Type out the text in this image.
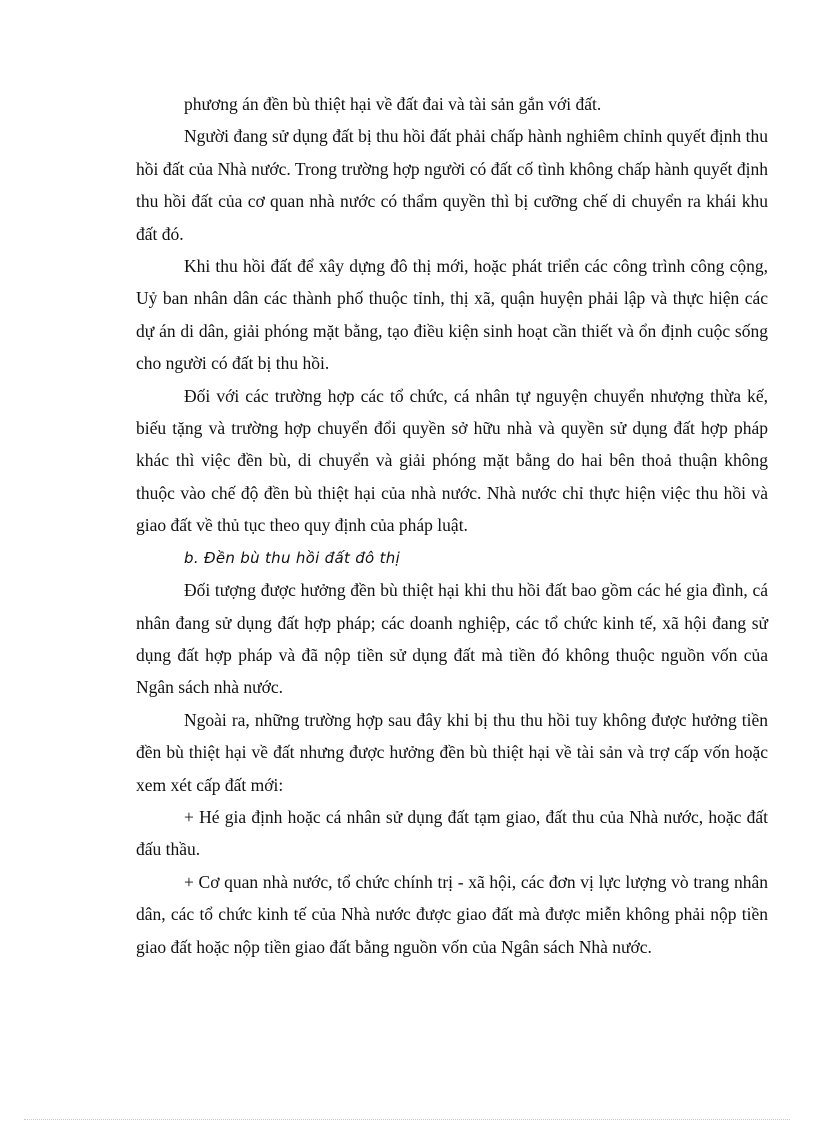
phương án đền bù thiệt hại về đất đai và tài sản gắn với đất.

Người đang sử dụng đất bị thu hồi đất phải chấp hành nghiêm chỉnh quyết định thu hồi đất của Nhà nước. Trong trường hợp người có đất cố tình không chấp hành quyết định thu hồi đất của cơ quan nhà nước có thẩm quyền thì bị cưỡng chế di chuyển ra khái khu đất đó.

Khi thu hồi đất để xây dựng đô thị mới, hoặc phát triển các công trình công cộng, Uỷ ban nhân dân các thành phố thuộc tỉnh, thị xã, quận huyện phải lập và thực hiện các dự án di dân, giải phóng mặt bằng, tạo điều kiện sinh hoạt cần thiết và ổn định cuộc sống cho người có đất bị thu hồi.

Đối với các trường hợp các tổ chức, cá nhân tự nguyện chuyển nhượng thừa kế, biếu tặng và trường hợp chuyển đổi quyền sở hữu nhà và quyền sử dụng đất hợp pháp khác thì việc đền bù, di chuyển và giải phóng mặt bằng do hai bên thoả thuận không thuộc vào chế độ đền bù thiệt hại của nhà nước. Nhà nước chỉ thực hiện việc thu hồi và giao đất về thủ tục theo quy định của pháp luật.

b. Đền bù thu hồi đất đô thị

Đối tượng được hưởng đền bù thiệt hại khi thu hồi đất bao gồm các hé gia đình, cá nhân đang sử dụng đất hợp pháp; các doanh nghiệp, các tổ chức kinh tế, xã hội đang sử dụng đất hợp pháp và đã nộp tiền sử dụng đất mà tiền đó không thuộc nguồn vốn của Ngân sách nhà nước.

Ngoài ra, những trường hợp sau đây khi bị thu thu hồi tuy không được hưởng tiền đền bù thiệt hại về đất nhưng được hưởng đền bù thiệt hại về tài sản và trợ cấp vốn hoặc xem xét cấp đất mới:

+ Hé gia định hoặc cá nhân sử dụng đất tạm giao, đất thu của Nhà nước, hoặc đất đấu thầu.

+ Cơ quan nhà nước, tổ chức chính trị - xã hội, các đơn vị lực lượng vò trang nhân dân, các tổ chức kinh tế của Nhà nước được giao đất mà được miễn không phải nộp tiền giao đất hoặc nộp tiền giao đất bằng nguồn vốn của Ngân sách Nhà nước.
